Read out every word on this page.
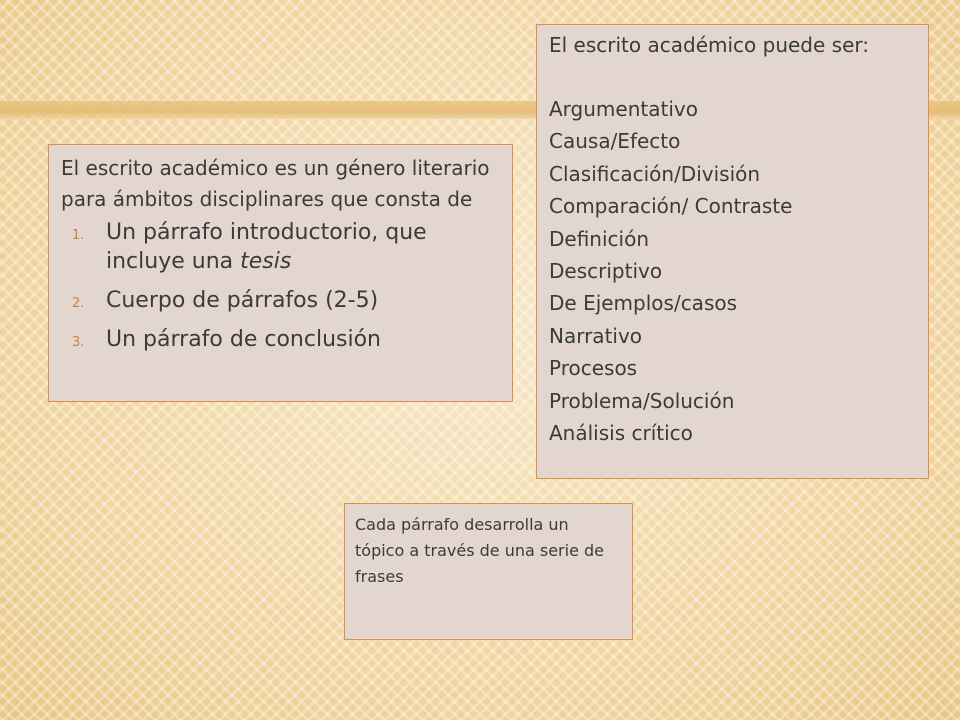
El escrito académico es un género literario para ámbitos disciplinares que consta de

1. Un párrafo introductorio, que incluye una tesis
2. Cuerpo de párrafos (2-5)
3. Un párrafo de conclusión

El escrito académico puede ser:

Argumentativo
Causa/Efecto
Clasificación/División
Comparación/ Contraste
Definición
Descriptivo
De Ejemplos/casos
Narrativo
Procesos
Problema/Solución
Análisis crítico

Cada párrafo desarrolla un tópico a través de una serie de frases
